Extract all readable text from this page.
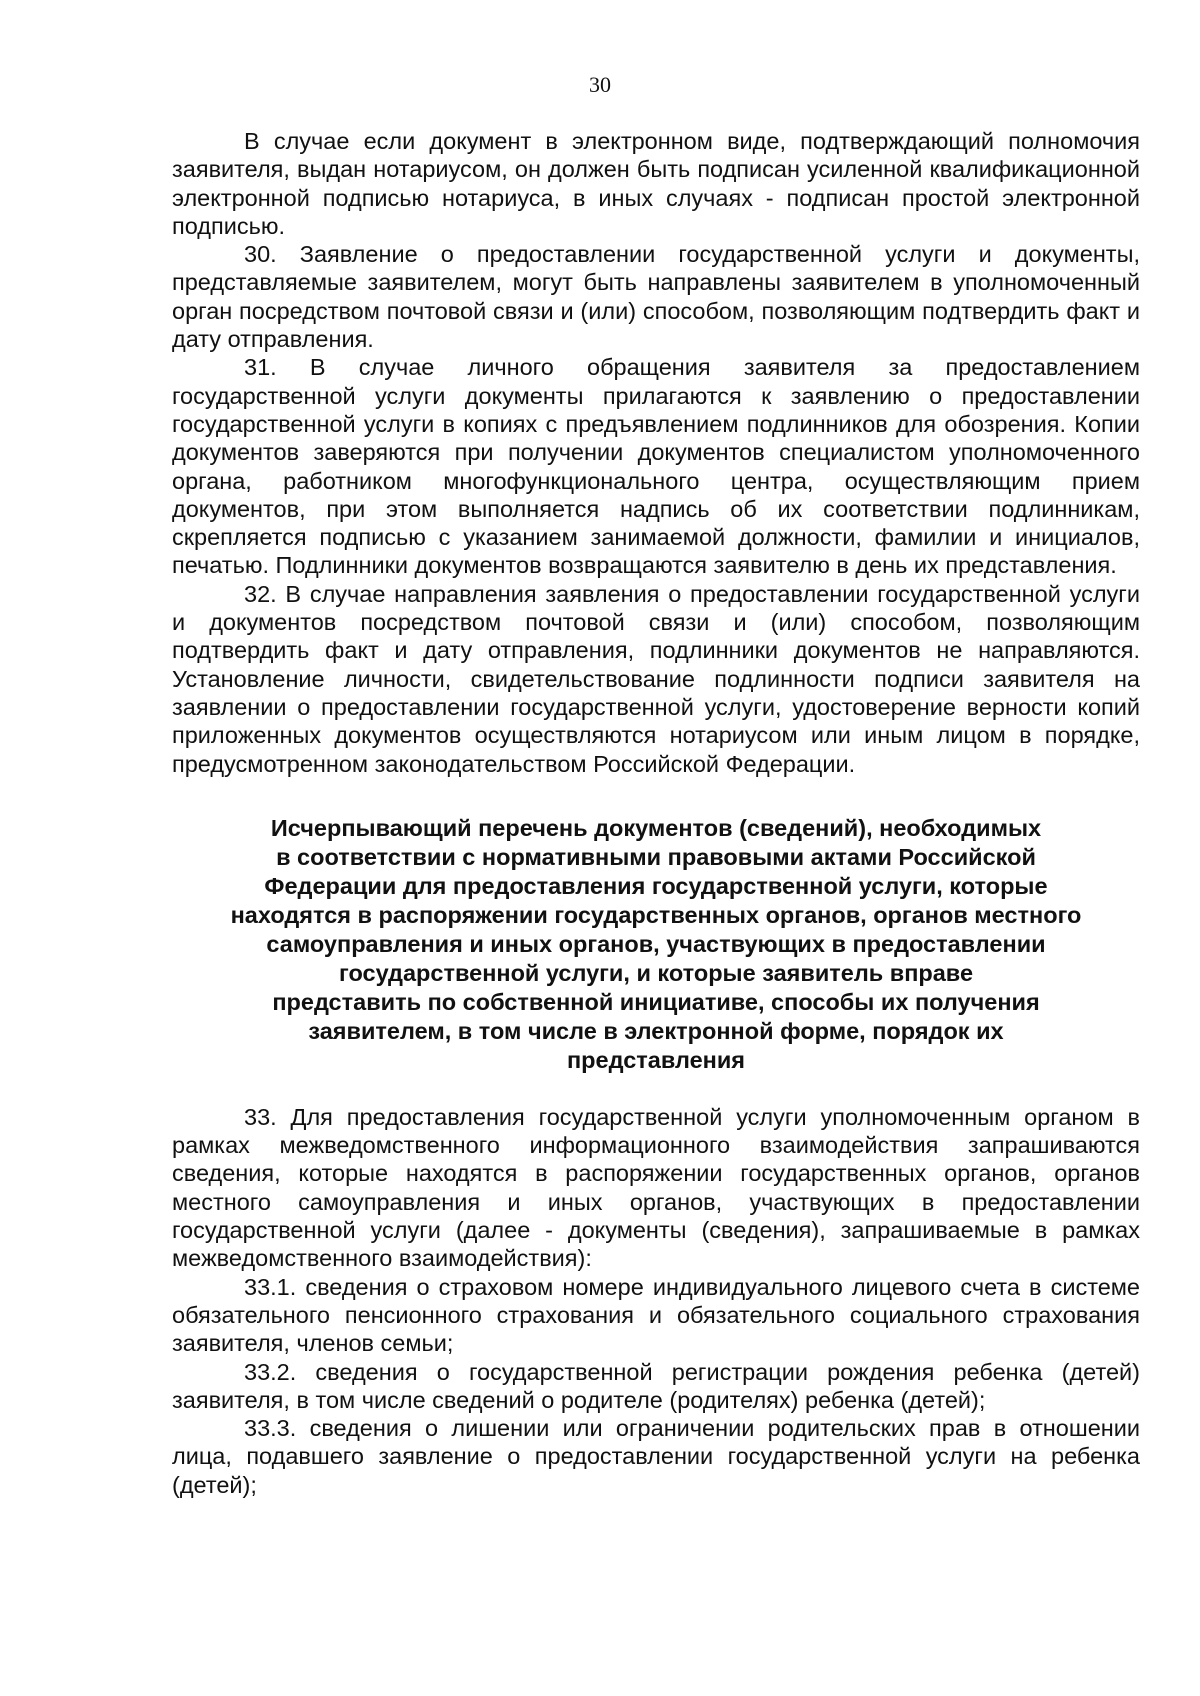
30

В случае если документ в электронном виде, подтверждающий полномочия заявителя, выдан нотариусом, он должен быть подписан усиленной квалификационной электронной подписью нотариуса, в иных случаях - подписан простой электронной подписью.

30. Заявление о предоставлении государственной услуги и документы, представляемые заявителем, могут быть направлены заявителем в уполномоченный орган посредством почтовой связи и (или) способом, позволяющим подтвердить факт и дату отправления.

31. В случае личного обращения заявителя за предоставлением государственной услуги документы прилагаются к заявлению о предоставлении государственной услуги в копиях с предъявлением подлинников для обозрения. Копии документов заверяются при получении документов специалистом уполномоченного органа, работником многофункционального центра, осуществляющим прием документов, при этом выполняется надпись об их соответствии подлинникам, скрепляется подписью с указанием занимаемой должности, фамилии и инициалов, печатью. Подлинники документов возвращаются заявителю в день их представления.

32. В случае направления заявления о предоставлении государственной услуги и документов посредством почтовой связи и (или) способом, позволяющим подтвердить факт и дату отправления, подлинники документов не направляются. Установление личности, свидетельствование подлинности подписи заявителя на заявлении о предоставлении государственной услуги, удостоверение верности копий приложенных документов осуществляются нотариусом или иным лицом в порядке, предусмотренном законодательством Российской Федерации.

Исчерпывающий перечень документов (сведений), необходимых
в соответствии с нормативными правовыми актами Российской
Федерации для предоставления государственной услуги, которые
находятся в распоряжении государственных органов, органов местного
самоуправления и иных органов, участвующих в предоставлении
государственной услуги, и которые заявитель вправе
представить по собственной инициативе, способы их получения
заявителем, в том числе в электронной форме, порядок их
представления

33. Для предоставления государственной услуги уполномоченным органом в рамках межведомственного информационного взаимодействия запрашиваются сведения, которые находятся в распоряжении государственных органов, органов местного самоуправления и иных органов, участвующих в предоставлении государственной услуги (далее - документы (сведения), запрашиваемые в рамках межведомственного взаимодействия):

33.1. сведения о страховом номере индивидуального лицевого счета в системе обязательного пенсионного страхования и обязательного социального страхования заявителя, членов семьи;

33.2. сведения о государственной регистрации рождения ребенка (детей) заявителя, в том числе сведений о родителе (родителях) ребенка (детей);

33.3. сведения о лишении или ограничении родительских прав в отношении лица, подавшего заявление о предоставлении государственной услуги на ребенка (детей);
